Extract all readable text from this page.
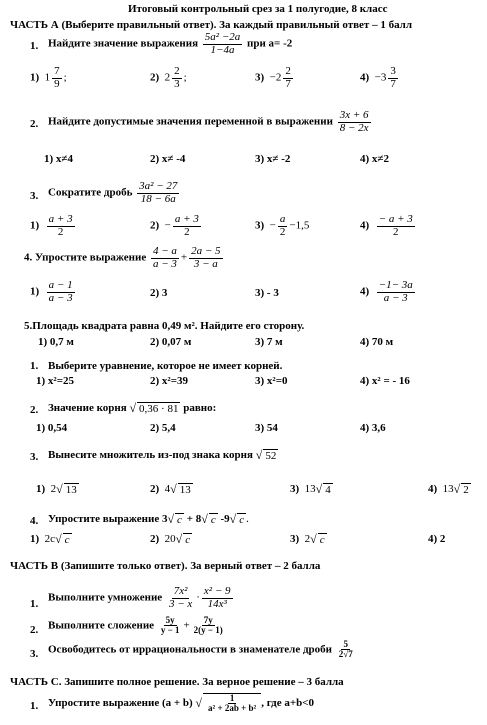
Итоговый контрольный срез за 1 полугодие, 8 класс
ЧАСТЬ А (Выберите правильный ответ). За каждый правильный ответ – 1 балл
1. Найдите значение выражения $\frac{\text{5a² −2a}}{1-4a}$ при a= -2
1) $1 \frac{7}{9}$ ;	2) $2 \frac{2}{3}$ ;	$3) -2 \frac{2}{7}$	$4) -3 \frac{3}{7}$
2. Найдите допустимые значения переменной в выражении $\frac{3x + 6}{8 - 2x}$
1) x≠4	2) x≠ -4	3) x≠ -2	4) x≠2
3. Сократите дробь $\frac{\text{3a² − 27}}{18 - 6a}$
$1) \frac{a + 3}{2}$	$2) - \frac{a + 3}{2}$	$3) - \frac{a}{2} -1,5$	$4) \frac{- a + 3}{2}$
4. Упростите выражение $\frac{4 - a}{a - 3} + \frac{2a - 5}{3 - a}$
$1) \frac{a - 1}{a - 3}$	2) 3	3) - 3	$4) \frac{-1- 3a}{a - 3}$
5.Площадь квадрата равна 0,49 м². Найдите его сторону.
1) 0,7 м	2) 0,07 м	3) 7 м	4) 70 м
1. Выберите уравнение, которое не имеет корней.
1) x²=25	2) x²=39	3) x²=0	4) x² = - 16
2. Значение корня √ 0,36 · 81 равно:
1) 0,54	2) 5,4	3) 54	4) 3,6
3. Вынесите множитель из-под знака корня √ 52
1) 2√ 13	2) 4√ 13	3) 13√ 4	4) 13√ 2
4. Упростите выражение 3√ c + 8√ c -9√ c .
1) 2c√ c	2) 20√ c	3) 2√ c	4) 2
ЧАСТЬ В (Запишите только ответ). За верный ответ – 2 балла
1.
Выполните умножение $\frac{\text{7x²}}{3 - x} \cdot \frac{\text{x² − 9}}{\text{14x³}}$
2. Выполните сложение $\frac{5y}{y - 1} + \frac{7y}{2(y - 1)}$
3. Освободитесь от иррациональности в знаменателе дроби $\frac{5}{2√7}$
ЧАСТЬ С. Запишите полное решение. За верное решение – 3 балла
1. Упростите выражение (a + b) √ $\frac{1}{\text{a² + 2ab + b²}}$ , где a+b<0
